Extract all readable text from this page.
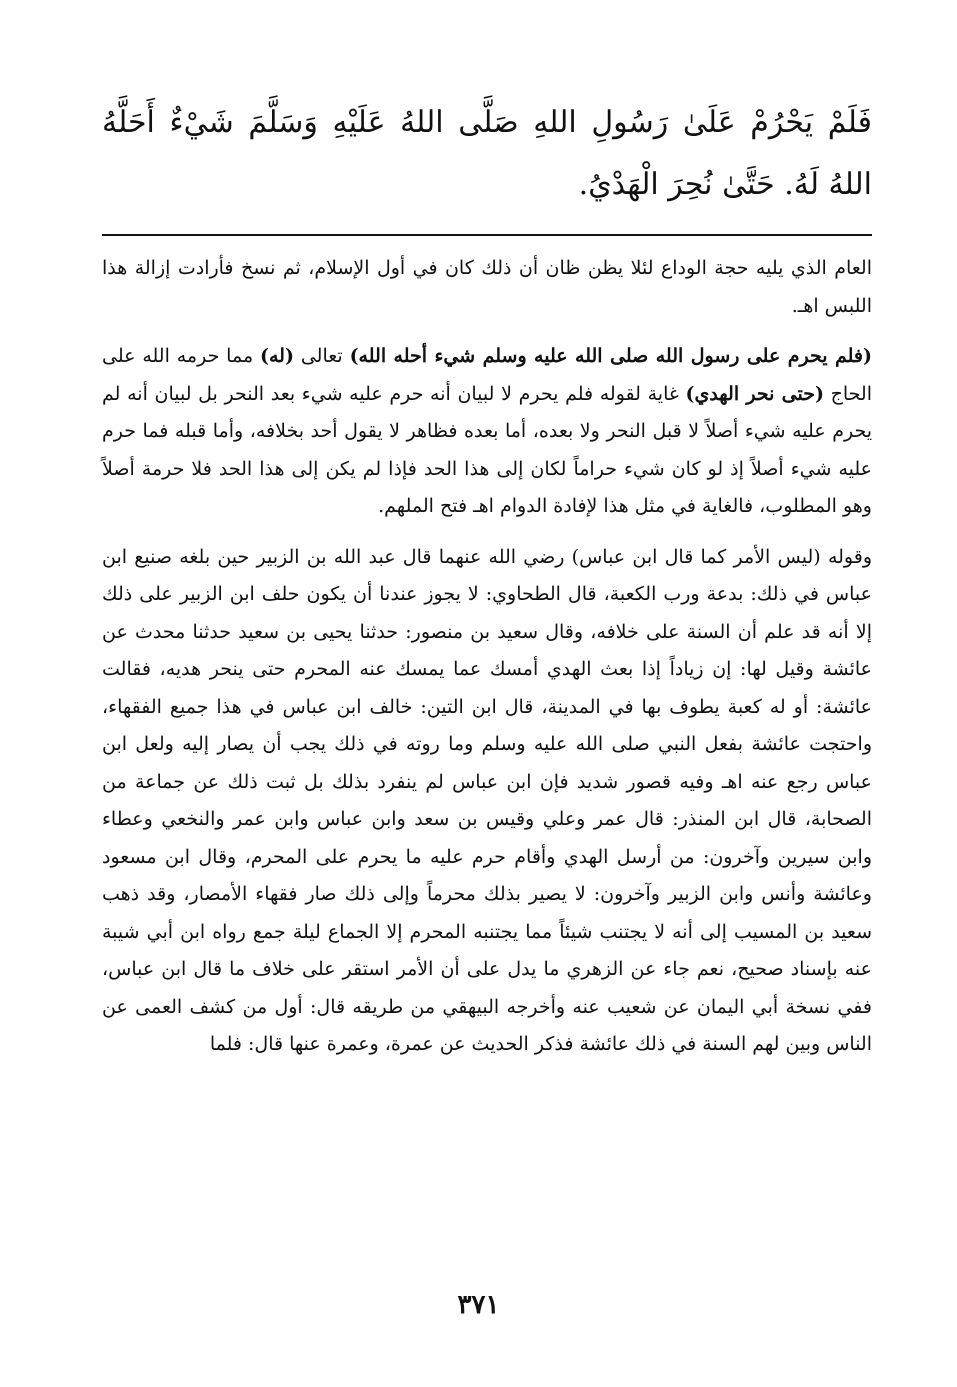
فَلَمْ يَحْرُمْ عَلَىٰ رَسُولِ اللهِ صَلَّى اللهُ عَلَيْهِ وَسَلَّمَ شَيْءٌ أَحَلَّهُ اللهُ لَهُ. حَتَّىٰ نُحِرَ الْهَدْيُ.

العام الذي يليه حجة الوداع لئلا يظن ظان أن ذلك كان في أول الإسلام، ثم نسخ فأرادت إزالة هذا اللبس اهـ.

(فلم يحرم على رسول الله صلى الله عليه وسلم شيء أحله الله) تعالى (له) مما حرمه الله على الحاج (حتى نحر الهدي) غاية لقوله فلم يحرم لا لبيان أنه حرم عليه شيء بعد النحر بل لبيان أنه لم يحرم عليه شيء أصلاً لا قبل النحر ولا بعده، أما بعده فظاهر لا يقول أحد بخلافه، وأما قبله فما حرم عليه شيء أصلاً إذ لو كان شيء حراماً لكان إلى هذا الحد فإذا لم يكن إلى هذا الحد فلا حرمة أصلاً وهو المطلوب، فالغاية في مثل هذا لإفادة الدوام اهـ فتح الملهم.

وقوله (ليس الأمر كما قال ابن عباس) رضي الله عنهما قال عبد الله بن الزبير حين بلغه صنيع ابن عباس في ذلك: بدعة ورب الكعبة، قال الطحاوي: لا يجوز عندنا أن يكون حلف ابن الزبير على ذلك إلا أنه قد علم أن السنة على خلافه، وقال سعيد بن منصور: حدثنا يحيى بن سعيد حدثنا محدث عن عائشة وقيل لها: إن زياداً إذا بعث الهدي أمسك عما يمسك عنه المحرم حتى ينحر هديه، فقالت عائشة: أو له كعبة يطوف بها في المدينة، قال ابن التين: خالف ابن عباس في هذا جميع الفقهاء، واحتجت عائشة بفعل النبي صلى الله عليه وسلم وما روته في ذلك يجب أن يصار إليه ولعل ابن عباس رجع عنه اهـ وفيه قصور شديد فإن ابن عباس لم ينفرد بذلك بل ثبت ذلك عن جماعة من الصحابة، قال ابن المنذر: قال عمر وعلي وقيس بن سعد وابن عباس وابن عمر والنخعي وعطاء وابن سيرين وآخرون: من أرسل الهدي وأقام حرم عليه ما يحرم على المحرم، وقال ابن مسعود وعائشة وأنس وابن الزبير وآخرون: لا يصير بذلك محرماً وإلى ذلك صار فقهاء الأمصار، وقد ذهب سعيد بن المسيب إلى أنه لا يجتنب شيئاً مما يجتنبه المحرم إلا الجماع ليلة جمع رواه ابن أبي شيبة عنه بإسناد صحيح، نعم جاء عن الزهري ما يدل على أن الأمر استقر على خلاف ما قال ابن عباس، ففي نسخة أبي اليمان عن شعيب عنه وأخرجه البيهقي من طريقه قال: أول من كشف العمى عن الناس وبين لهم السنة في ذلك عائشة فذكر الحديث عن عمرة، وعمرة عنها قال: فلما

٣٧١
